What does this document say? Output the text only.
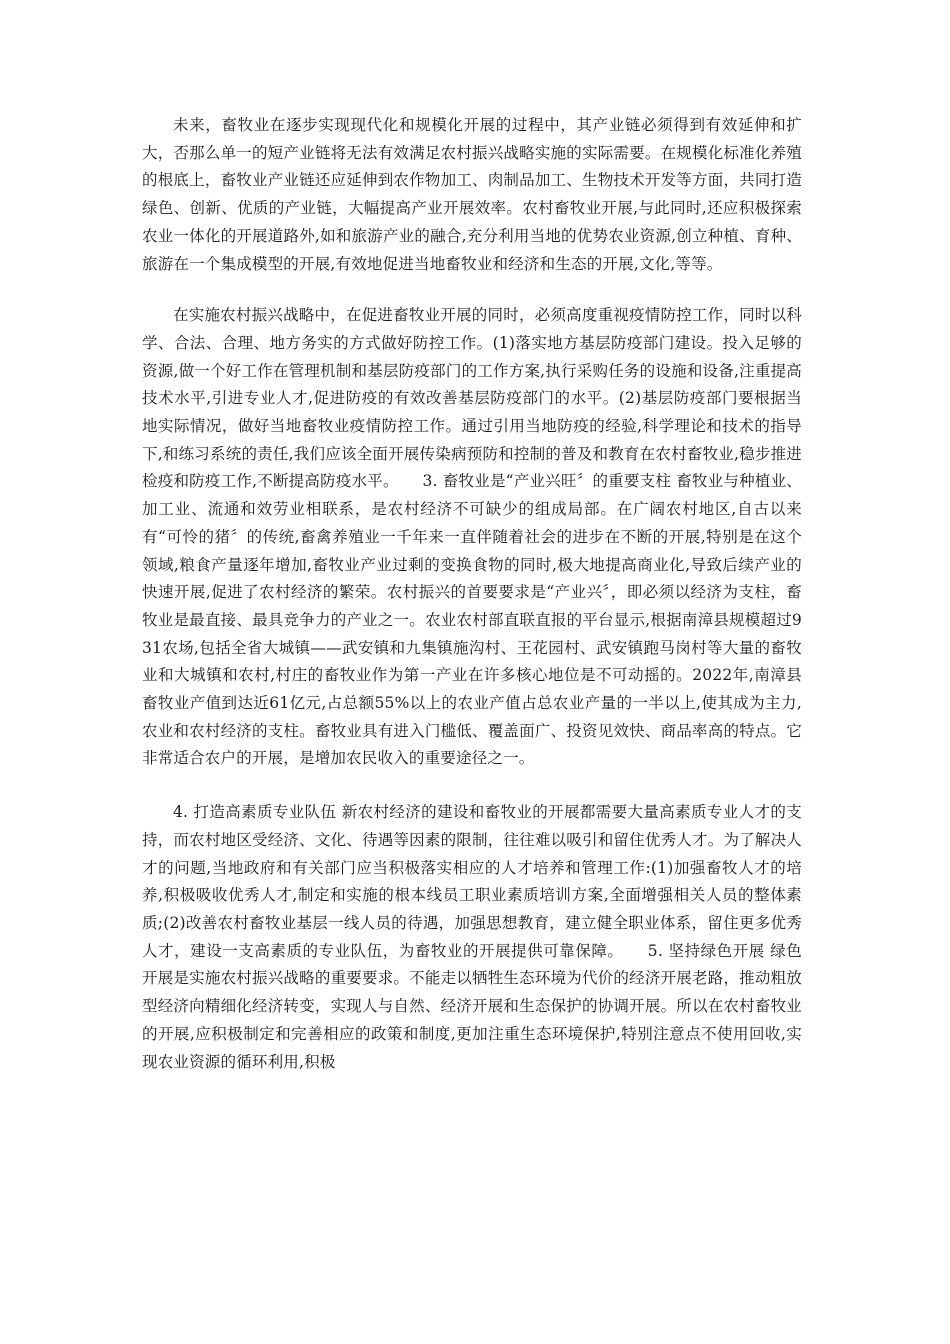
未来，畜牧业在逐步实现现代化和规模化开展的过程中，其产业链必须得到有效延伸和扩大，否那么单一的短产业链将无法有效满足农村振兴战略实施的实际需要。在规模化标准化养殖的根底上，畜牧业产业链还应延伸到农作物加工、肉制品加工、生物技术开发等方面，共同打造绿色、创新、优质的产业链，大幅提高产业开展效率。农村畜牧业开展,与此同时,还应积极探索农业一体化的开展道路外,如和旅游产业的融合,充分利用当地的优势农业资源,创立种植、育种、旅游在一个集成模型的开展,有效地促进当地畜牧业和经济和生态的开展,文化,等等。

在实施农村振兴战略中，在促进畜牧业开展的同时，必须高度重视疫情防控工作，同时以科学、合法、合理、地方务实的方式做好防控工作。(1)落实地方基层防疫部门建设。投入足够的资源,做一个好工作在管理机制和基层防疫部门的工作方案,执行采购任务的设施和设备,注重提高技术水平,引进专业人才,促进防疫的有效改善基层防疫部门的水平。(2)基层防疫部门要根据当地实际情况，做好当地畜牧业疫情防控工作。通过引用当地防疫的经验,科学理论和技术的指导下,和练习系统的责任,我们应该全面开展传染病预防和控制的普及和教育在农村畜牧业,稳步推进检疫和防疫工作,不断提高防疫水平。　　3. 畜牧业是“产业兴旺〞的重要支柱 畜牧业与种植业、加工业、流通和效劳业相联系，是农村经济不可缺少的组成局部。在广阔农村地区,自古以来有“可怜的猪〞的传统,畜禽养殖业一千年来一直伴随着社会的进步在不断的开展,特别是在这个领域,粮食产量逐年增加,畜牧业产业过剩的变换食物的同时,极大地提高商业化,导致后续产业的快速开展,促进了农村经济的繁荣。农村振兴的首要要求是“产业兴〞，即必须以经济为支柱，畜牧业是最直接、最具竞争力的产业之一。农业农村部直联直报的平台显示,根据南漳县规模超过931农场,包括全省大城镇——武安镇和九集镇施沟村、王花园村、武安镇跑马岗村等大量的畜牧业和大城镇和农村,村庄的畜牧业作为第一产业在许多核心地位是不可动摇的。2022年,南漳县畜牧业产值到达近61亿元,占总额55%以上的农业产值占总农业产量的一半以上,使其成为主力,农业和农村经济的支柱。畜牧业具有进入门槛低、覆盖面广、投资见效快、商品率高的特点。它非常适合农户的开展，是增加农民收入的重要途径之一。

4. 打造高素质专业队伍 新农村经济的建设和畜牧业的开展都需要大量高素质专业人才的支持，而农村地区受经济、文化、待遇等因素的限制，往往难以吸引和留住优秀人才。为了解决人才的问题,当地政府和有关部门应当积极落实相应的人才培养和管理工作:(1)加强畜牧人才的培养,积极吸收优秀人才,制定和实施的根本线员工职业素质培训方案,全面增强相关人员的整体素质;(2)改善农村畜牧业基层一线人员的待遇，加强思想教育，建立健全职业体系，留住更多优秀人才，建设一支高素质的专业队伍，为畜牧业的开展提供可靠保障。　　5. 坚持绿色开展 绿色开展是实施农村振兴战略的重要要求。不能走以牺牲生态环境为代价的经济开展老路，推动粗放型经济向精细化经济转变，实现人与自然、经济开展和生态保护的协调开展。所以在农村畜牧业的开展,应积极制定和完善相应的政策和制度,更加注重生态环境保护,特别注意点不使用回收,实现农业资源的循环利用,积极
